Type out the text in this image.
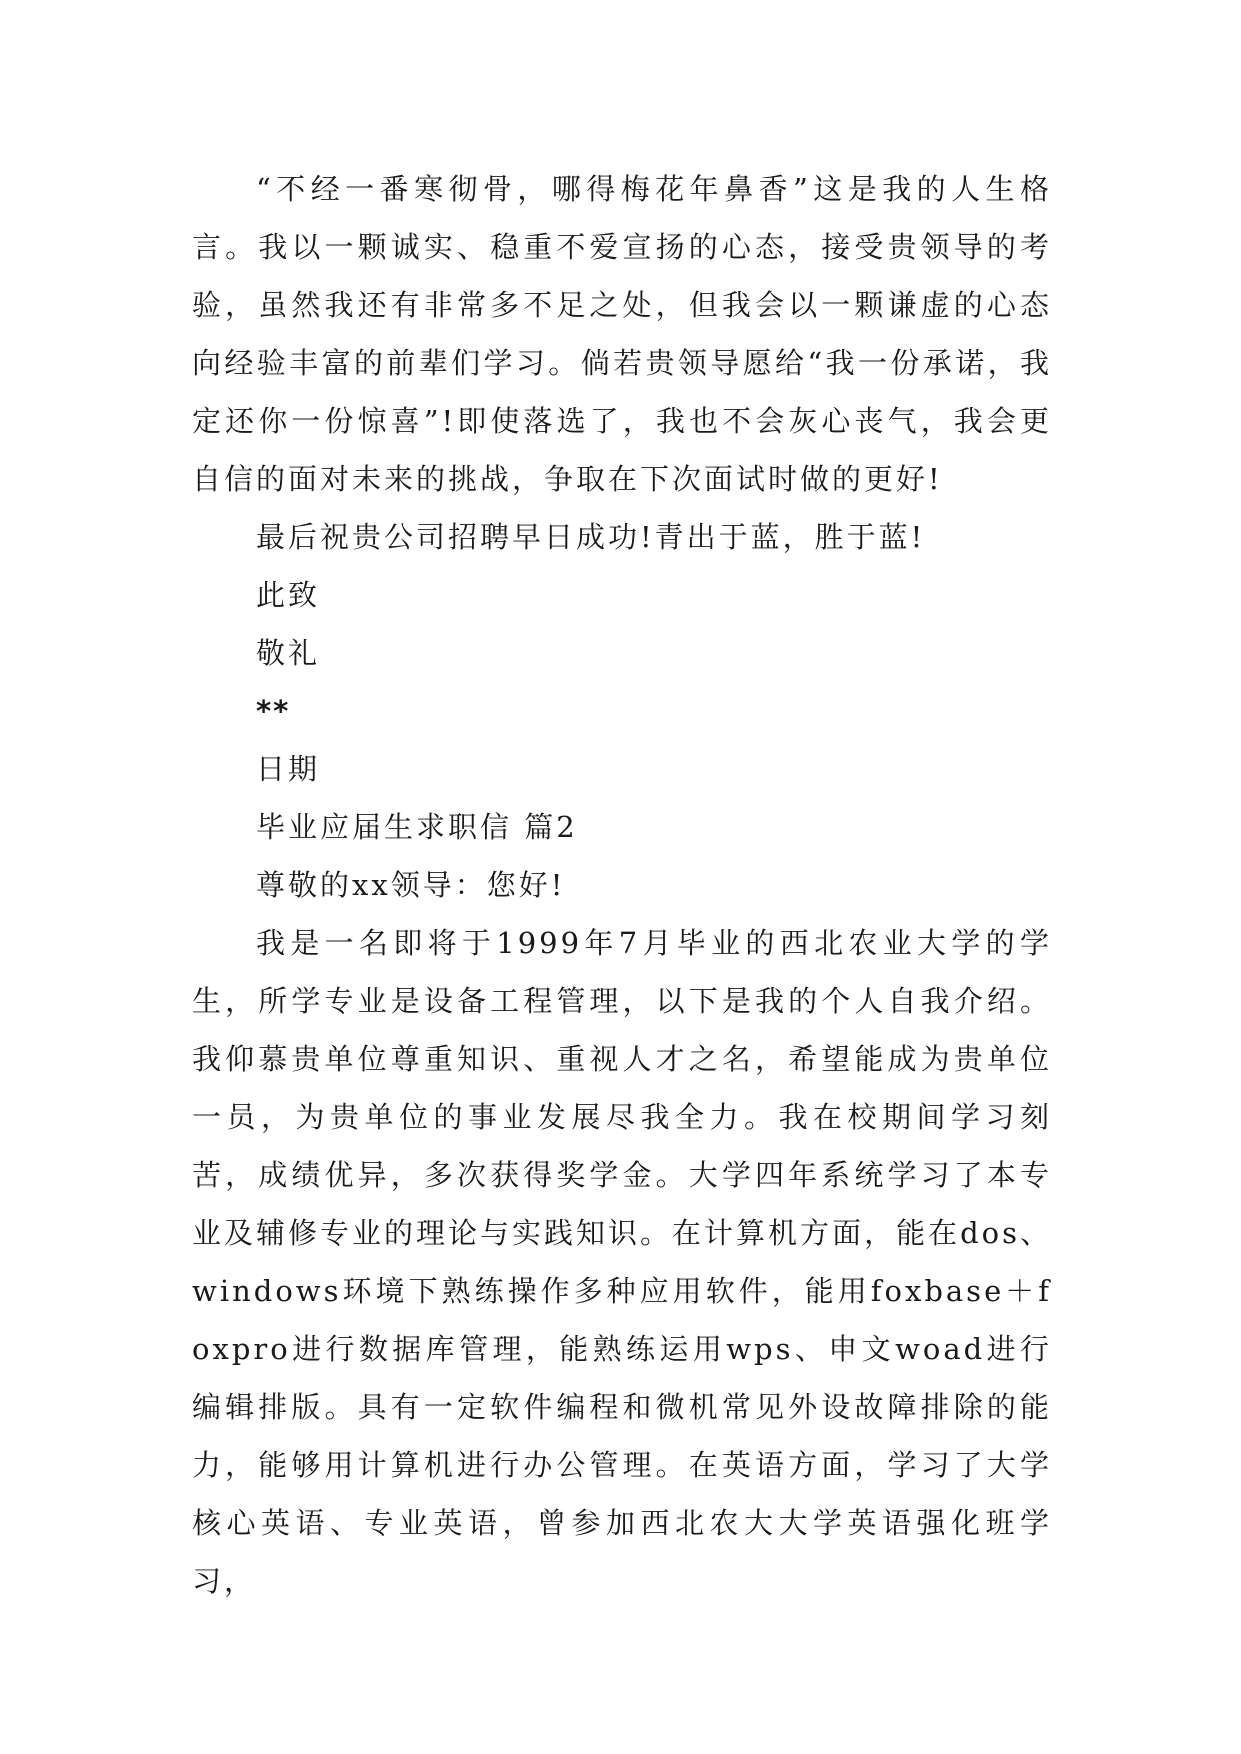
“不经一番寒彻骨，哪得梅花年鼻香”这是我的人生格言。我以一颗诚实、稳重不爱宣扬的心态，接受贵领导的考验，虽然我还有非常多不足之处，但我会以一颗谦虚的心态向经验丰富的前辈们学习。倘若贵领导愿给“我一份承诺，我定还你一份惊喜”!即使落选了，我也不会灰心丧气，我会更自信的面对未来的挑战，争取在下次面试时做的更好!

最后祝贵公司招聘早日成功!青出于蓝，胜于蓝!

此致

敬礼

**

日期

毕业应届生求职信 篇2

尊敬的xx领导：您好!

我是一名即将于1999年7月毕业的西北农业大学的学生，所学专业是设备工程管理，以下是我的个人自我介绍。我仰慕贵单位尊重知识、重视人才之名，希望能成为贵单位一员，为贵单位的事业发展尽我全力。我在校期间学习刻苦，成绩优异，多次获得奖学金。大学四年系统学习了本专业及辅修专业的理论与实践知识。在计算机方面，能在dos、windows环境下熟练操作多种应用软件，能用foxbase＋foxpro进行数据库管理，能熟练运用wps、申文woad进行编辑排版。具有一定软件编程和微机常见外设故障排除的能力，能够用计算机进行办公管理。在英语方面，学习了大学核心英语、专业英语，曾参加西北农大大学英语强化班学习，
